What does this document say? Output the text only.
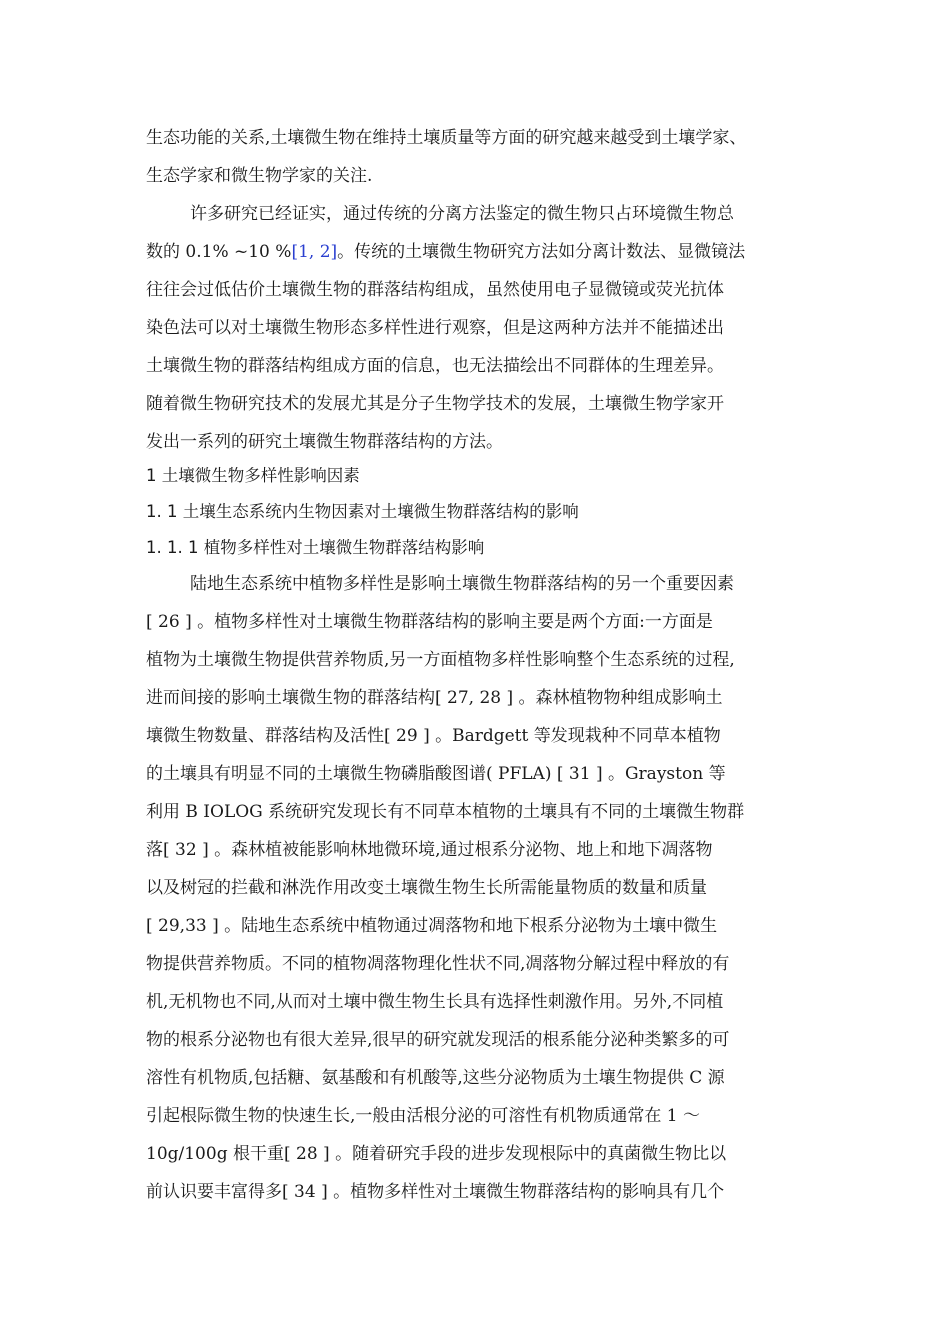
生态功能的关系,土壤微生物在维持土壤质量等方面的研究越来越受到土壤学家、
生态学家和微生物学家的关注.
许多研究已经证实，通过传统的分离方法鉴定的微生物只占环境微生物总
数的 0.1% ~10 %[1, 2]。传统的土壤微生物研究方法如分离计数法、显微镜法
往往会过低估价土壤微生物的群落结构组成，虽然使用电子显微镜或荧光抗体
染色法可以对土壤微生物形态多样性进行观察，但是这两种方法并不能描述出
土壤微生物的群落结构组成方面的信息，也无法描绘出不同群体的生理差异。
随着微生物研究技术的发展尤其是分子生物学技术的发展，土壤微生物学家开
发出一系列的研究土壤微生物群落结构的方法。
1 土壤微生物多样性影响因素
1. 1 土壤生态系统内生物因素对土壤微生物群落结构的影响
1. 1. 1 植物多样性对土壤微生物群落结构影响
陆地生态系统中植物多样性是影响土壤微生物群落结构的另一个重要因素
[ 26 ] 。植物多样性对土壤微生物群落结构的影响主要是两个方面:一方面是
植物为土壤微生物提供营养物质,另一方面植物多样性影响整个生态系统的过程,
进而间接的影响土壤微生物的群落结构[ 27, 28 ] 。森林植物物种组成影响土
壤微生物数量、群落结构及活性[ 29 ] 。Bardgett 等发现栽种不同草本植物
的土壤具有明显不同的土壤微生物磷脂酸图谱( PFLA) [ 31 ] 。Grayston 等
利用 B IOLOG 系统研究发现长有不同草本植物的土壤具有不同的土壤微生物群
落[ 32 ] 。森林植被能影响林地微环境,通过根系分泌物、地上和地下凋落物
以及树冠的拦截和淋洗作用改变土壤微生物生长所需能量物质的数量和质量
[ 29,33 ] 。陆地生态系统中植物通过凋落物和地下根系分泌物为土壤中微生
物提供营养物质。不同的植物凋落物理化性状不同,凋落物分解过程中释放的有
机,无机物也不同,从而对土壤中微生物生长具有选择性刺激作用。另外,不同植
物的根系分泌物也有很大差异,很早的研究就发现活的根系能分泌种类繁多的可
溶性有机物质,包括糖、氨基酸和有机酸等,这些分泌物质为土壤生物提供 C 源
引起根际微生物的快速生长,一般由活根分泌的可溶性有机物质通常在 1 ～
10g/100g 根干重[ 28 ] 。随着研究手段的进步发现根际中的真菌微生物比以
前认识要丰富得多[ 34 ] 。植物多样性对土壤微生物群落结构的影响具有几个
